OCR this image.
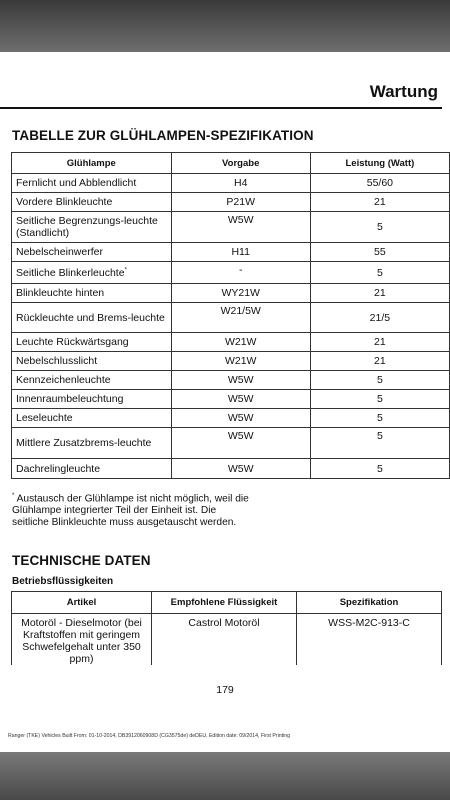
Wartung
TABELLE ZUR GLÜHLAMPEN-SPEZIFIKATION
Glühlampe	Vorgabe	Leistung (Watt)
Fernlicht und Abblendlicht	H4	55/60
Vordere Blinkleuchte	P21W	21
Seitliche Begrenzungs-leuchte (Standlicht)	W5W	5
Nebelscheinwerfer	H11	55
Seitliche Blinkerleuchte*	-	5
Blinkleuchte hinten	WY21W	21
Rückleuchte und Brems-leuchte	W21/5W	21/5
Leuchte Rückwärtsgang	W21W	21
Nebelschlusslicht	W21W	21
Kennzeichenleuchte	W5W	5
Innenraumbeleuchtung	W5W	5
Leseleuchte	W5W	5
Mittlere Zusatzbrems-leuchte	W5W	5
Dachrelingleuchte	W5W	5
* Austausch der Glühlampe ist nicht möglich, weil die Glühlampe integrierter Teil der Einheit ist. Die seitliche Blinkleuchte muss ausgetauscht werden.
TECHNISCHE DATEN
Betriebsflüssigkeiten
Artikel	Empfohlene Flüssigkeit	Spezifikation
Motoröl - Dieselmotor (bei Kraftstoffen mit geringem Schwefelgehalt unter 350 ppm)	Castrol Motoröl	WSS-M2C-913-C
179
Ranger (TKE) Vehicles Built From: 01-10-2014, DB3912060908D (CG3575de) deDEU, Edition date: 09/2014, First Printing
